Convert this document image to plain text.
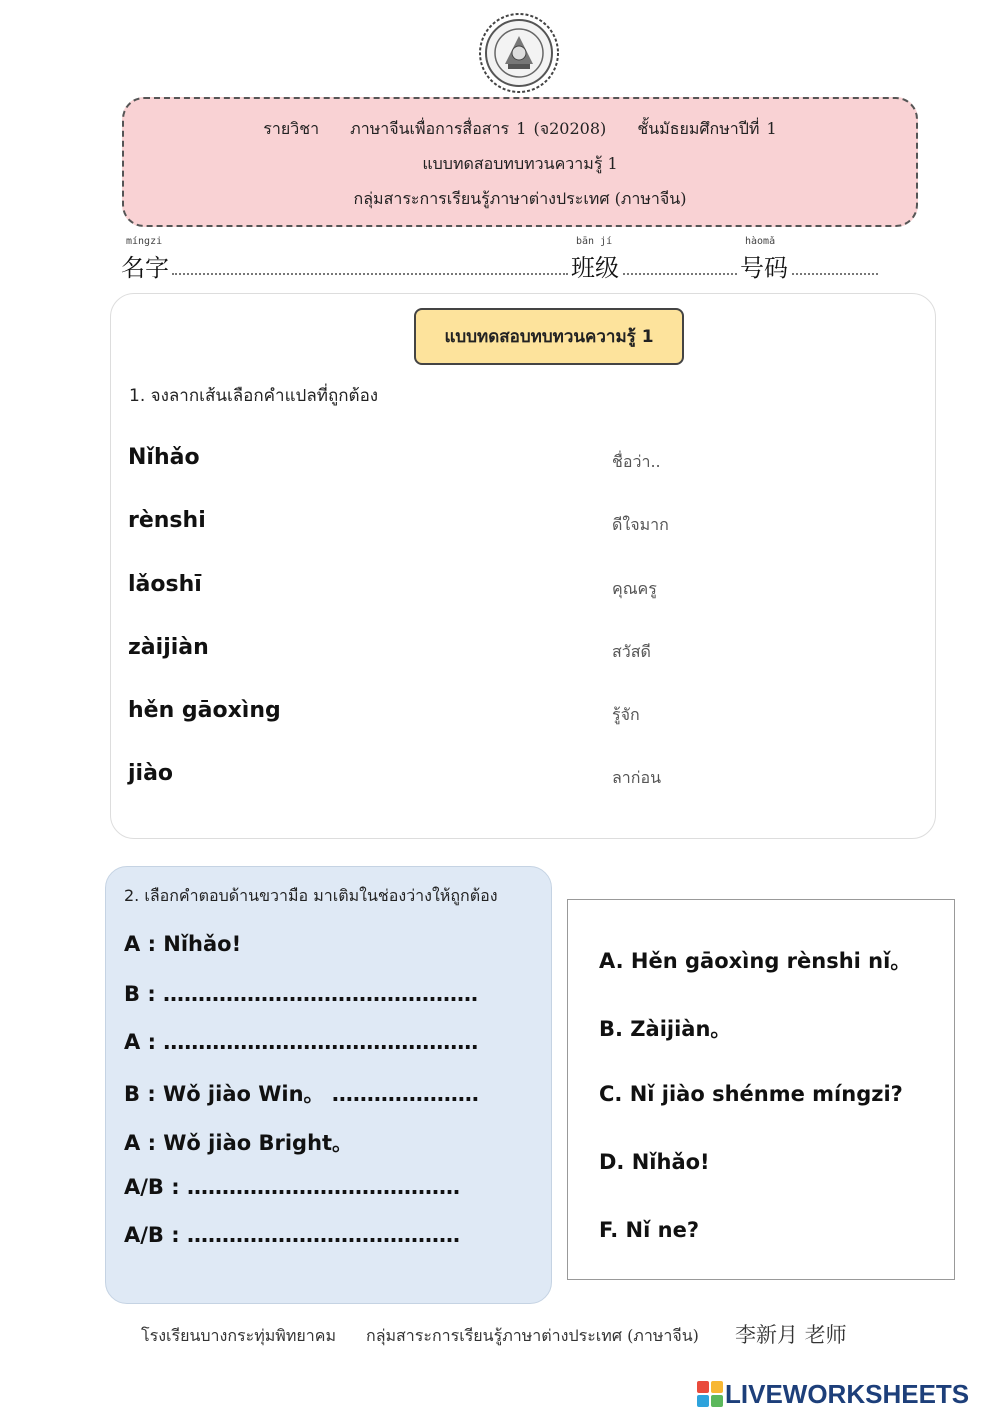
รายวิชา ภาษาจีนเพื่อการสื่อสาร 1 (จ20208) ชั้นมัธยมศึกษาปีที่ 1
แบบทดสอบทบทวนความรู้ 1
กลุ่มสาระการเรียนรู้ภาษาต่างประเทศ (ภาษาจีน)
míngzi
名字
bān jí
班级
hàomǎ
号码
แบบทดสอบทบทวนความรู้ 1
1. จงลากเส้นเลือกคำแปลที่ถูกต้อง
Nǐhǎo
rènshi
lǎoshī
zàijiàn
hěn gāoxìng
jiào
ชื่อว่า..
ดีใจมาก
คุณครู
สวัสดี
รู้จัก
ลาก่อน
2. เลือกคำตอบด้านขวามือ มาเติมในช่องว่างให้ถูกต้อง
A : Nǐhǎo!
B : ………………………………………
A : ………………………………………
B : Wǒ jiào Win。 …………………
A : Wǒ jiào Bright。
A/B : …………………………………
A/B : …………………………………
A. Hěn gāoxìng rènshi nǐ。
B. Zàijiàn。
C. Nǐ jiào shénme míngzi?
D. Nǐhǎo!
F. Nǐ ne?
โรงเรียนบางกระทุ่มพิทยาคม กลุ่มสาระการเรียนรู้ภาษาต่างประเทศ (ภาษาจีน) 李新月 老师
LIVEWORKSHEETS
